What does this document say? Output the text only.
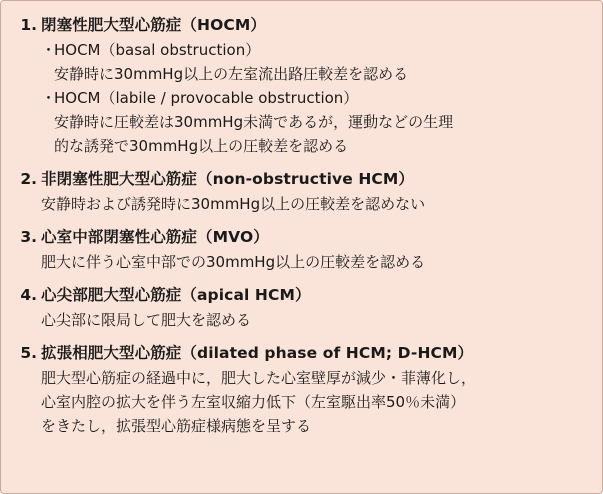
1. 閉塞性肥大型心筋症（HOCM）
・
HOCM（basal obstruction）
安静時に30mmHg以上の左室流出路圧較差を認める
・
HOCM（labile / provocable obstruction）
安静時に圧較差は30mmHg未満であるが，運動などの生理
的な誘発で30mmHg以上の圧較差を認める
2. 非閉塞性肥大型心筋症（non-obstructive HCM）
安静時および誘発時に30mmHg以上の圧較差を認めない
3. 心室中部閉塞性心筋症（MVO）
肥大に伴う心室中部での30mmHg以上の圧較差を認める
4. 心尖部肥大型心筋症（apical HCM）
心尖部に限局して肥大を認める
5. 拡張相肥大型心筋症（dilated phase of HCM; D-HCM）
肥大型心筋症の経過中に，肥大した心室壁厚が減少・菲薄化し，
心室内腔の拡大を伴う左室収縮力低下（左室駆出率50％未満）
をきたし，拡張型心筋症様病態を呈する
